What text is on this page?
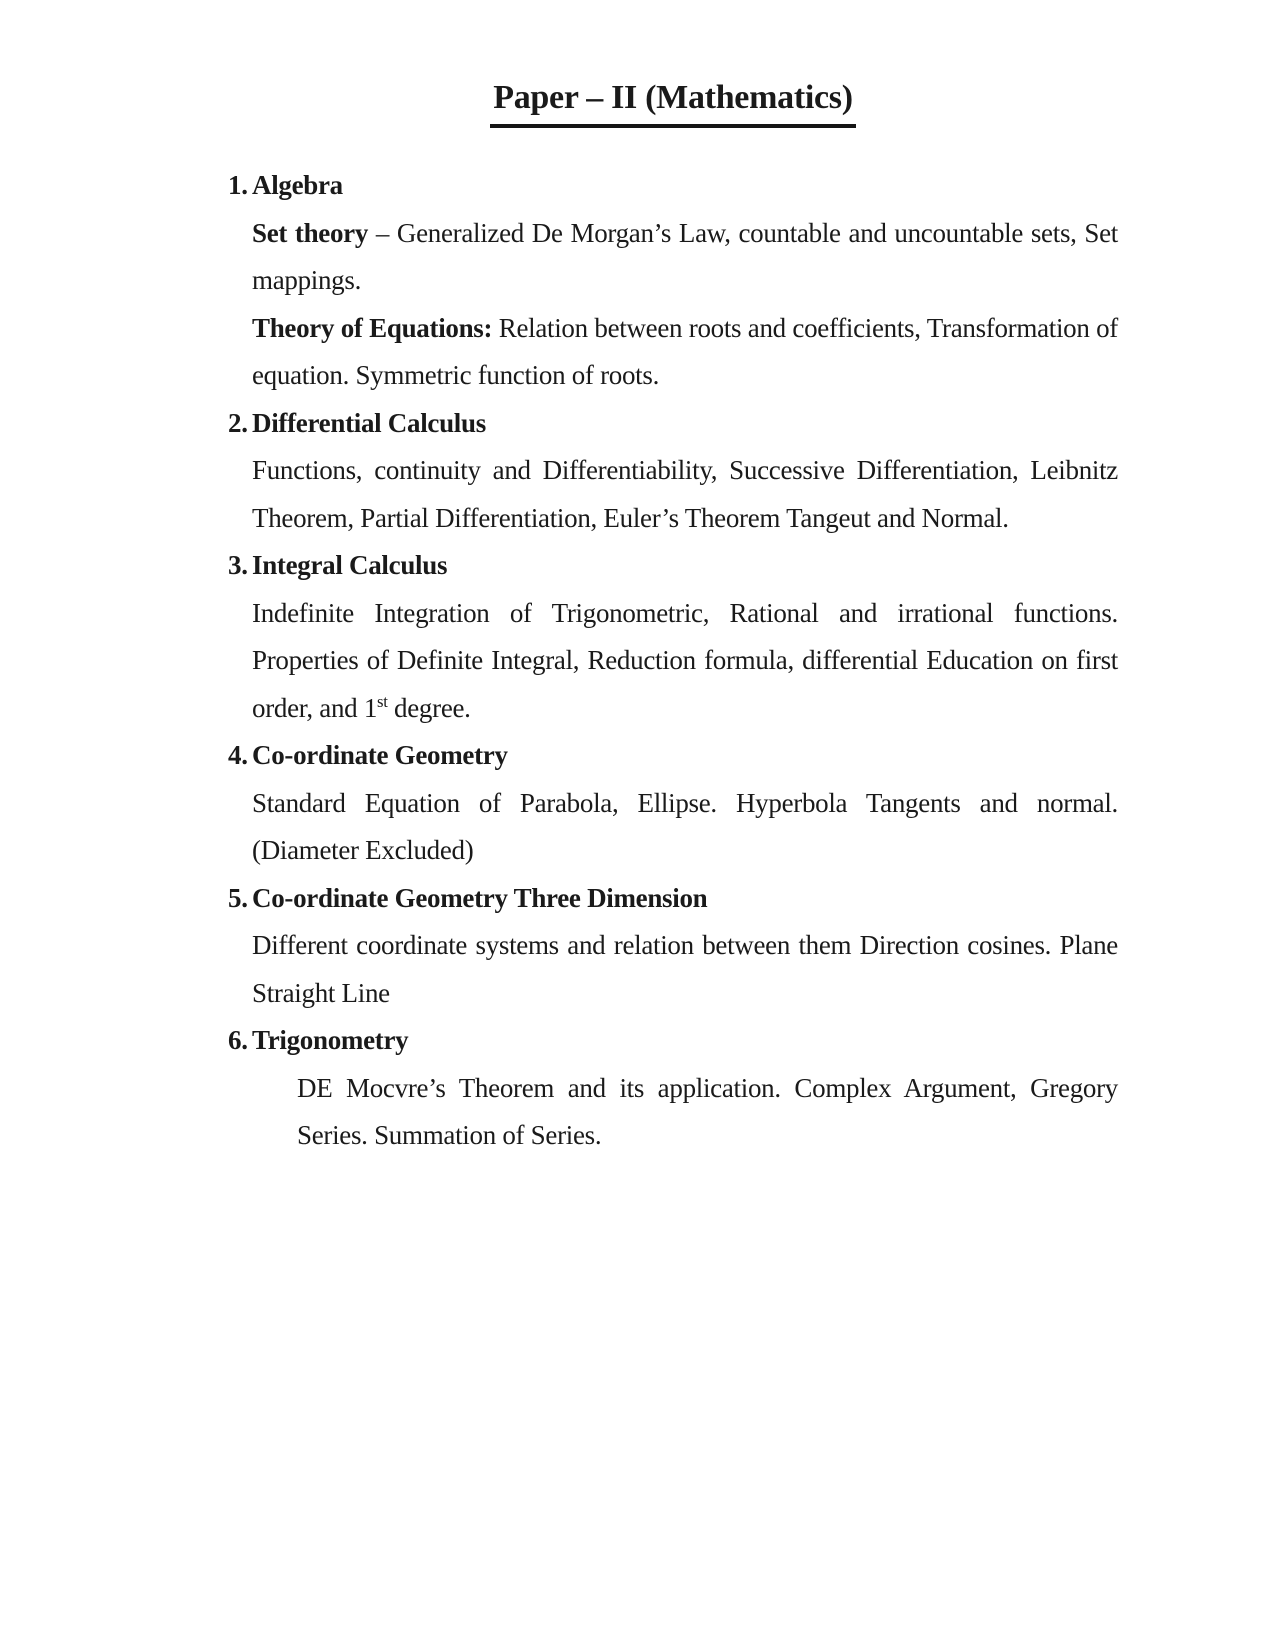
Paper – II (Mathematics)
1. Algebra

Set theory – Generalized De Morgan’s Law, countable and uncountable sets, Set mappings.

Theory of Equations: Relation between roots and coefficients, Transformation of equation. Symmetric function of roots.

2. Differential Calculus

Functions, continuity and Differentiability, Successive Differentiation, Leibnitz Theorem, Partial Differentiation, Euler’s Theorem Tangeut and Normal.

3. Integral Calculus

Indefinite Integration of Trigonometric, Rational and irrational functions. Properties of Definite Integral, Reduction formula, differential Education on first order, and 1st degree.

4. Co-ordinate Geometry

Standard Equation of Parabola, Ellipse. Hyperbola Tangents and normal. (Diameter Excluded)

5. Co-ordinate Geometry Three Dimension

Different coordinate systems and relation between them Direction cosines. Plane Straight Line

6. Trigonometry

DE Mocvre’s Theorem and its application. Complex Argument, Gregory Series. Summation of Series.
